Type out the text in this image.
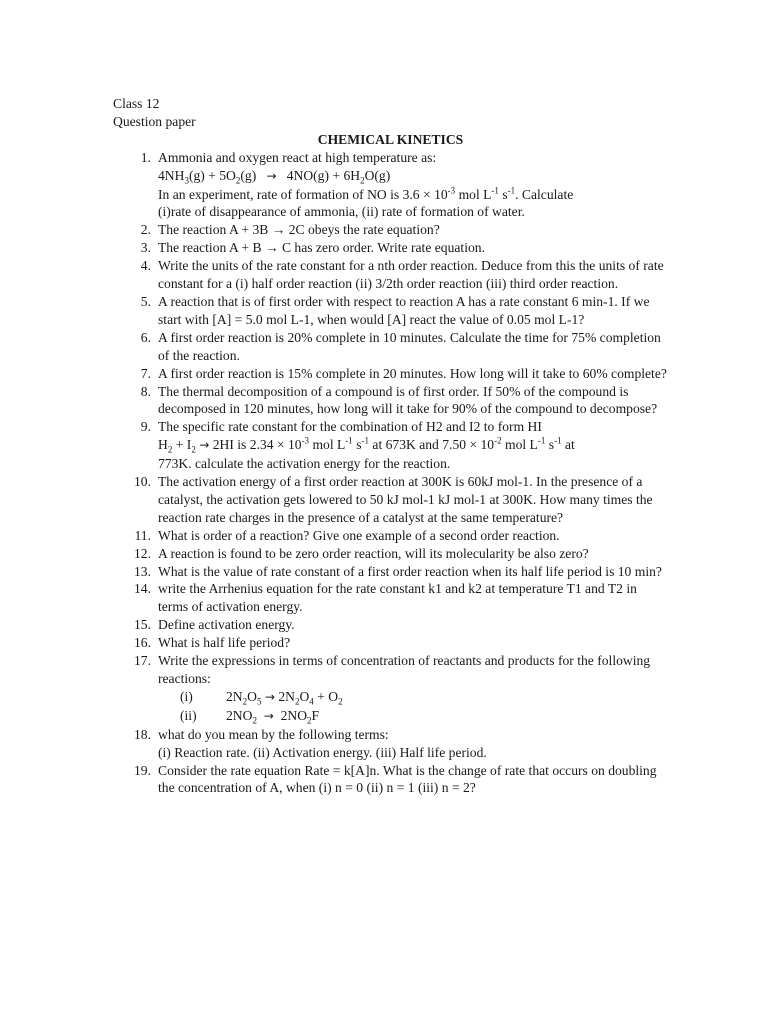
Class 12
Question paper
CHEMICAL KINETICS
1. Ammonia and oxygen react at high temperature as:
$4NH_3(g) + 5O_2(g) \to 4NO(g) + 6H_2O(g)$
In an experiment, rate of formation of NO is $3.6 \times 10^{-3}$ mol $L^{-1}$ $s^{-1}$. Calculate
(i)rate of disappearance of ammonia, (ii) rate of formation of water.
2. The reaction A + 3B → 2C obeys the rate equation?
3. The reaction A + B → C has zero order. Write rate equation.
4. Write the units of the rate constant for a nth order reaction. Deduce from this the units of rate constant for a (i) half order reaction (ii) 3/2th order reaction (iii) third order reaction.
5. A reaction that is of first order with respect to reaction A has a rate constant 6 min-1. If we start with [A] = 5.0 mol L-1, when would [A] react the value of 0.05 mol L-1?
6. A first order reaction is 20% complete in 10 minutes. Calculate the time for 75% completion of the reaction.
7. A first order reaction is 15% complete in 20 minutes. How long will it take to 60% complete?
8. The thermal decomposition of a compound is of first order. If 50% of the compound is decomposed in 120 minutes, how long will it take for 90% of the compound to decompose?
9. The specific rate constant for the combination of H2 and I2 to form HI
$H_2 + I_2 \to 2HI$ is $2.34 \times 10^{-3}$ mol $L^{-1}$ $s^{-1}$ at 673K and $7.50 \times 10^{-2}$ mol $L^{-1}$ $s^{-1}$ at
773K. calculate the activation energy for the reaction.
10. The activation energy of a first order reaction at 300K is 60kJ mol-1. In the presence of a catalyst, the activation gets lowered to 50 kJ mol-1 kJ mol-1 at 300K. How many times the reaction rate charges in the presence of a catalyst at the same temperature?
11. What is order of a reaction? Give one example of a second order reaction.
12. A reaction is found to be zero order reaction, will its molecularity be also zero?
13. What is the value of rate constant of a first order reaction when its half life period is 10 min?
14. write the Arrhenius equation for the rate constant k1 and k2 at temperature T1 and T2 in terms of activation energy.
15. Define activation energy.
16. What is half life period?
17. Write the expressions in terms of concentration of reactants and products for the following reactions:
(i) $2N_2O_5 \to 2N_2O_4 + O_2$
(ii) $2NO_2 \to 2NO_2F$
18. what do you mean by the following terms:
(i) Reaction rate. (ii) Activation energy. (iii) Half life period.
19. Consider the rate equation Rate = k[A]n. What is the change of rate that occurs on doubling the concentration of A, when (i) n = 0 (ii) n = 1 (iii) n = 2?
